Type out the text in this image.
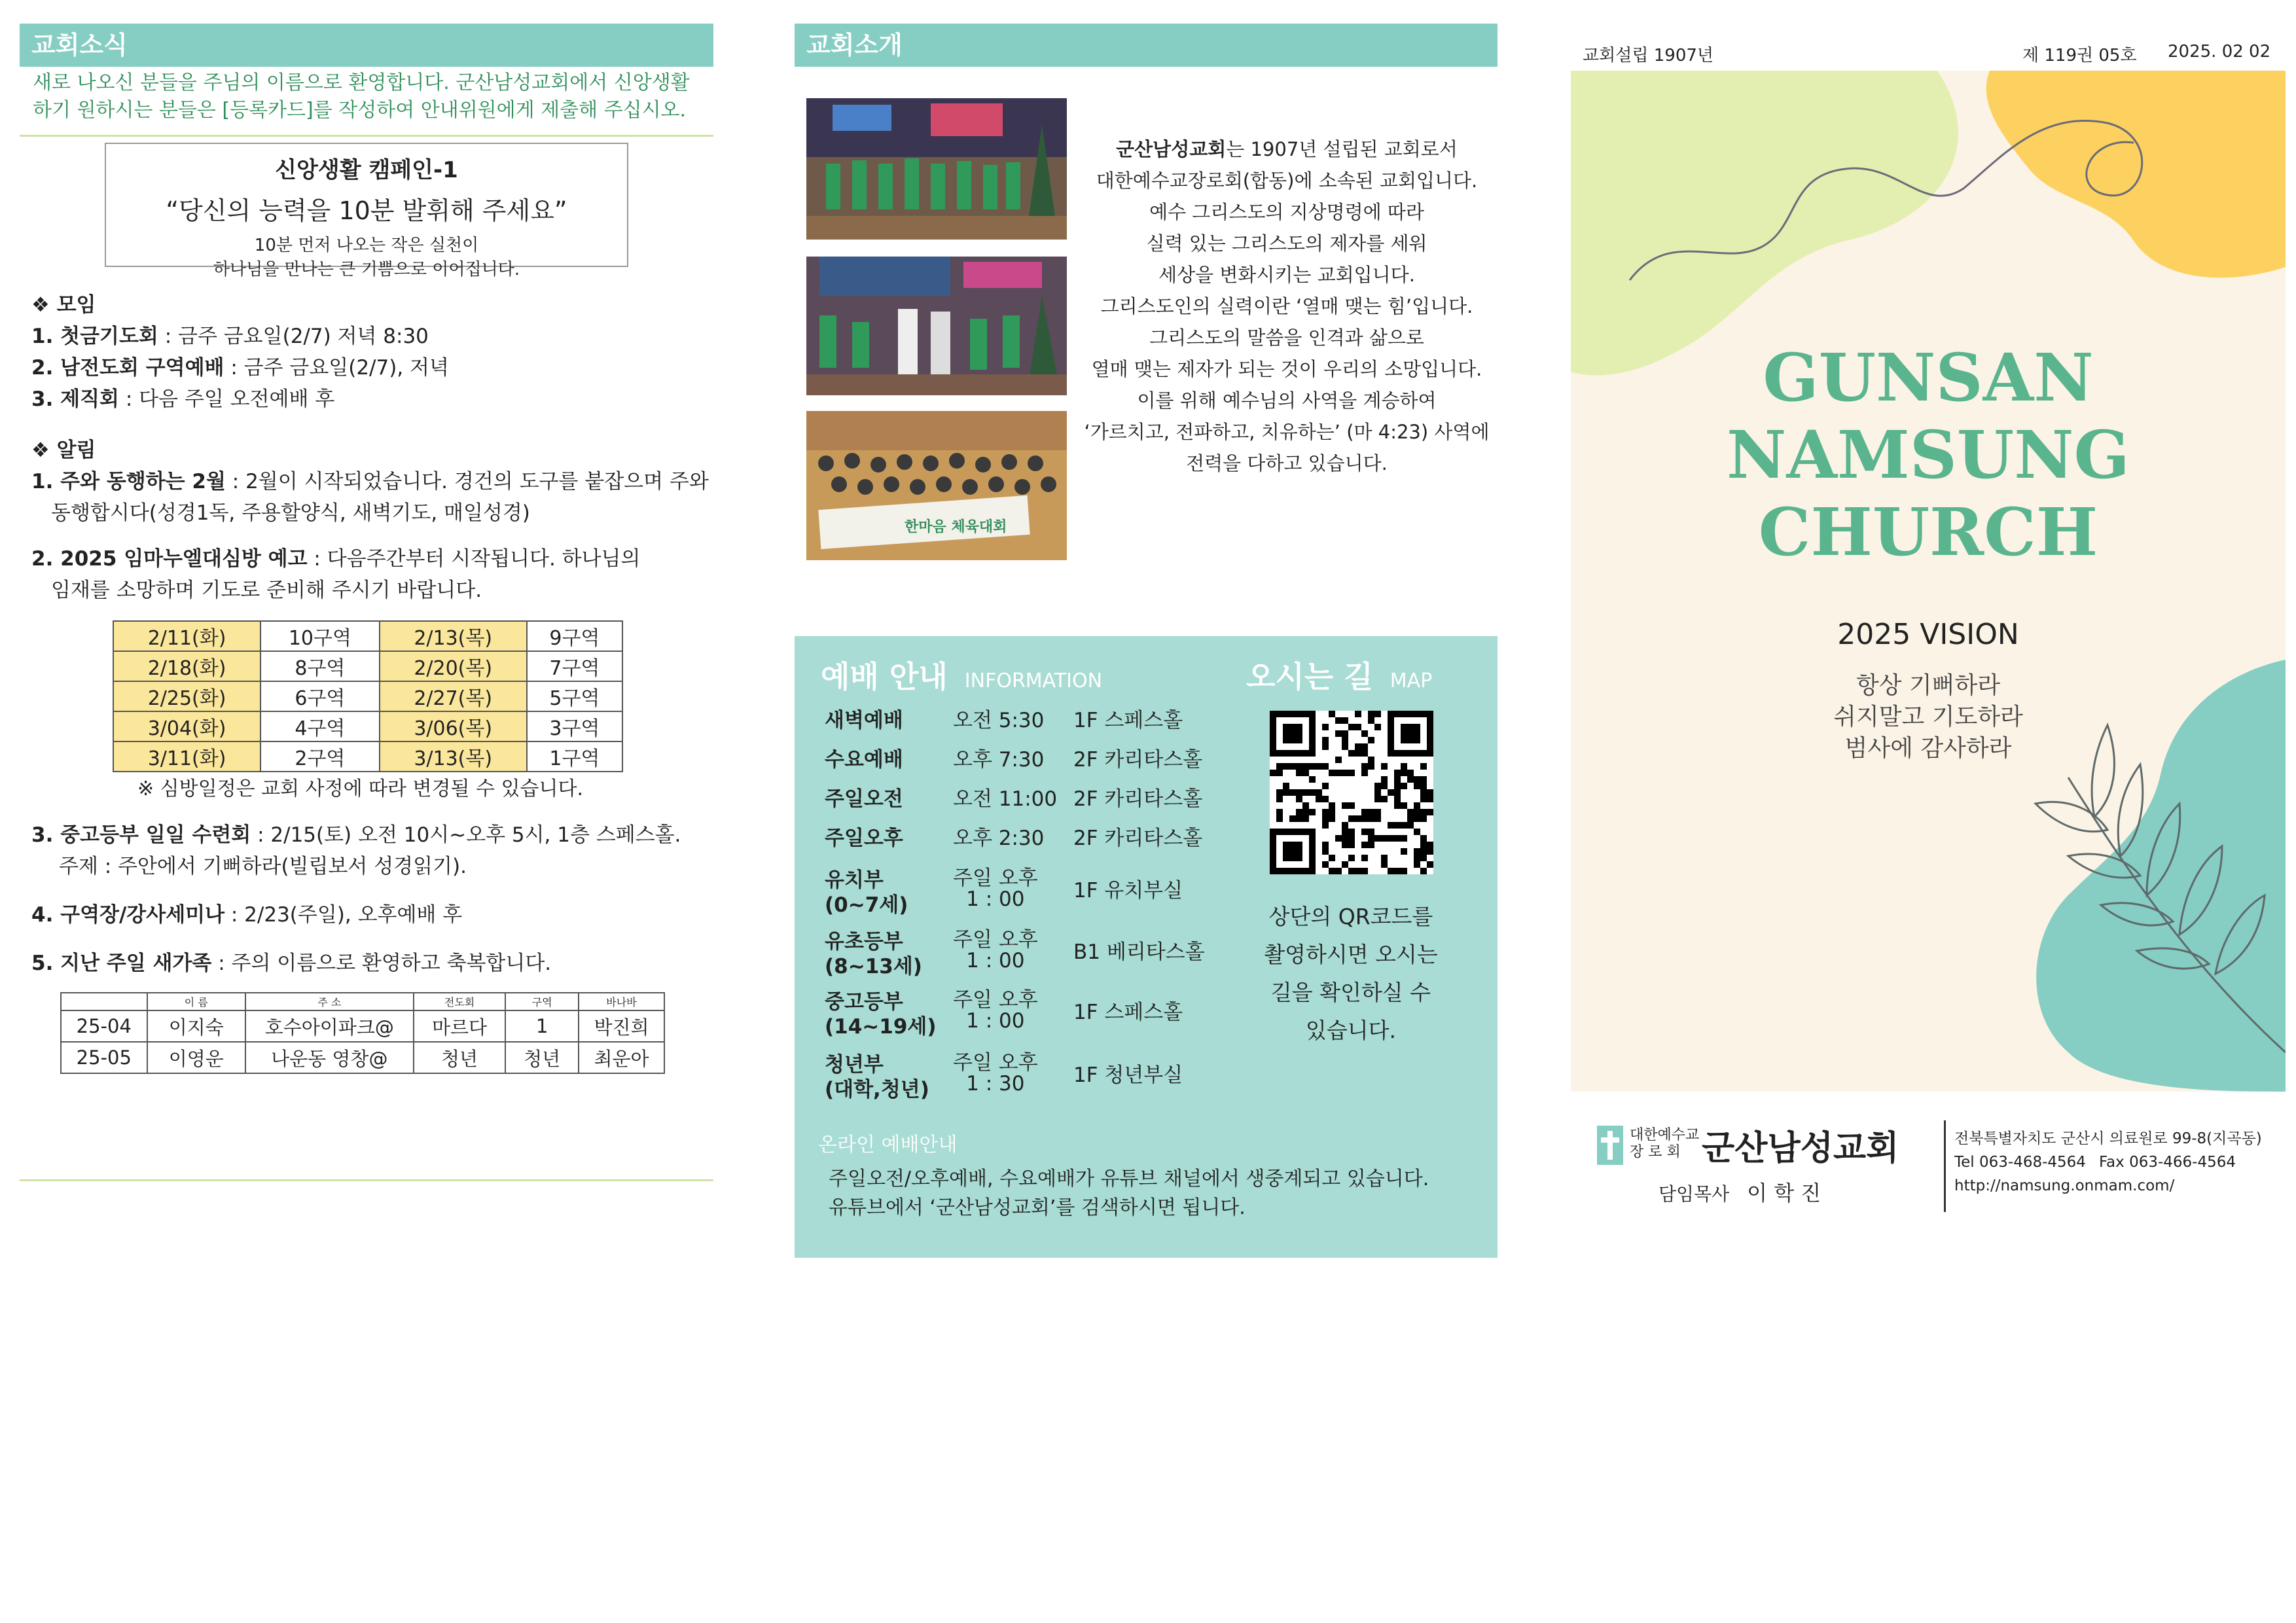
교회소식
새로 나오신 분들을 주님의 이름으로 환영합니다. 군산남성교회에서 신앙생활
하기 원하시는 분들은 [등록카드]를 작성하여 안내위원에게 제출해 주십시오.
신앙생활 캠페인-1
“당신의 능력을 10분 발휘해 주세요”
10분 먼저 나오는 작은 실천이
하나님을 만나는 큰 기쁨으로 이어집니다.

❖ 모임

1. 첫금기도회 : 금주 금요일(2/7) 저녁 8:30

2. 남전도회 구역예배 : 금주 금요일(2/7), 저녁

3. 제직회 : 다음 주일 오전예배 후

❖ 알림

1. 주와 동행하는 2월 : 2월이 시작되었습니다. 경건의 도구를 붙잡으며 주와

동행합시다(성경1독, 주용할양식, 새벽기도, 매일성경)

2. 2025 임마누엘대심방 예고 : 다음주간부터 시작됩니다. 하나님의

임재를 소망하며 기도로 준비해 주시기 바랍니다.

2/11(화)	10구역	2/13(목)	9구역
2/18(화)	8구역	2/20(목)	7구역
2/25(화)	6구역	2/27(목)	5구역
3/04(화)	4구역	3/06(목)	3구역
3/11(화)	2구역	3/13(목)	1구역
※ 심방일정은 교회 사정에 따라 변경될 수 있습니다.

3. 중고등부 일일 수련회 : 2/15(토) 오전 10시~오후 5시, 1층 스페스홀.

주제 : 주안에서 기뻐하라(빌립보서 성경읽기).

4. 구역장/강사세미나 : 2/23(주일), 오후예배 후

5. 지난 주일 새가족 : 주의 이름으로 환영하고 축복합니다.

	이 름	주 소	전도회	구역	바나바
25-04	이지숙	호수아이파크@	마르다	1	박진희
25-05	이영운	나운동 영창@	청년	청년	최운아
교회소개
한마음 체육대회
군산남성교회는 1907년 설립된 교회로서
대한예수교장로회(합동)에 소속된 교회입니다.
예수 그리스도의 지상명령에 따라
실력 있는 그리스도의 제자를 세워
세상을 변화시키는 교회입니다.
그리스도인의 실력이란 ‘열매 맺는 힘’입니다.
그리스도의 말씀을 인격과 삶으로
열매 맺는 제자가 되는 것이 우리의 소망입니다.
이를 위해 예수님의 사역을 계승하여
‘가르치고, 전파하고, 치유하는’ (마 4:23) 사역에
전력을 다하고 있습니다.
예배 안내 INFORMATION	오시는 길 MAP
새벽예배 오전 5:30 1F 스페스홀
수요예배 오후 7:30 2F 카리타스홀
주일오전 오전 11:00 2F 카리타스홀
주일오후 오후 2:30 2F 카리타스홀
유치부
(0~7세)
주일 오후
1 : 00	1F 유치부실
유초등부
(8~13세)
주일 오후
1 : 00	B1 베리타스홀
중고등부
(14~19세)
주일 오후
1 : 00	1F 스페스홀
청년부
(대학,청년)
주일 오후
1 : 30	1F 청년부실
상단의 QR코드를
촬영하시면 오시는
길을 확인하실 수
있습니다.
온라인 예배안내
주일오전/오후예배, 수요예배가 유튜브 채널에서 생중계되고 있습니다.
유튜브에서 ‘군산남성교회’를 검색하시면 됩니다.
교회설립 1907년	제 119권 05호 2025. 02 02
GUNSAN
NAMSUNG
CHURCH
2025 VISION
항상 기뻐하라
쉬지말고 기도하라
범사에 감사하라
대한예수교
장 로 회 군산남성교회
담임목사 이 학 진
전북특별자치도 군산시 의료원로 99-8(지곡동)
Tel 063-468-4564 Fax 063-466-4564
http://namsung.onmam.com/
